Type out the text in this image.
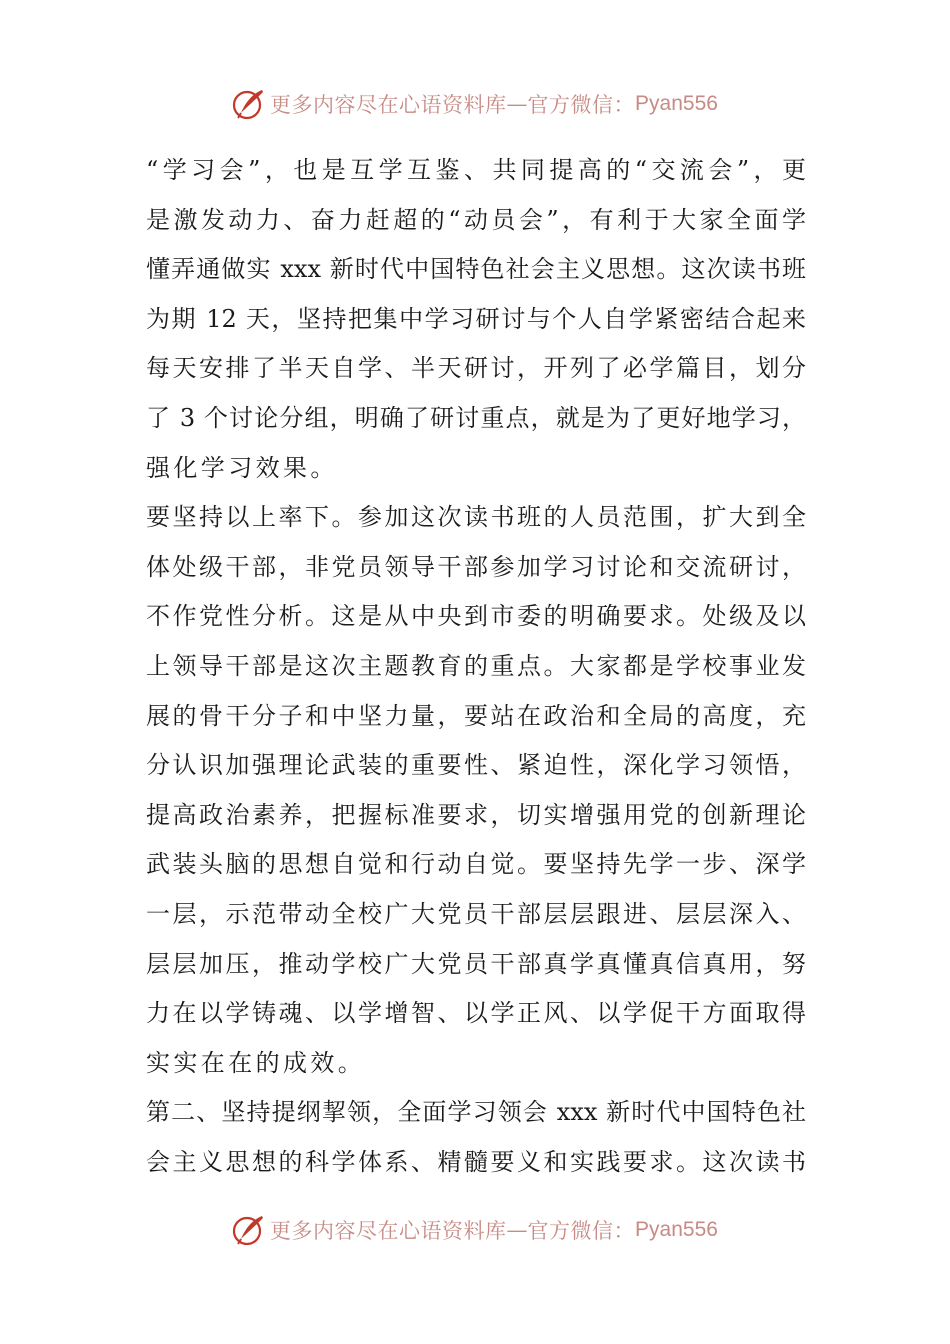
更多内容尽在心语资料库 — 官方微信： Pyan556
“学习会”，也是互学互鉴、共同提高的“交流会”，更
是激发动力、奋力赶超的“动员会”，有利于大家全面学
懂弄通做实 xxx 新时代中国特色社会主义思想。这次读书班
为期 12 天，坚持把集中学习研讨与个人自学紧密结合起来
每天安排了半天自学、半天研讨，开列了必学篇目，划分
了 3 个讨论分组，明确了研讨重点，就是为了更好地学习，
强化学习效果。
要坚持以上率下。参加这次读书班的人员范围，扩大到全
体处级干部，非党员领导干部参加学习讨论和交流研讨，
不作党性分析。这是从中央到市委的明确要求。处级及以
上领导干部是这次主题教育的重点。大家都是学校事业发
展的骨干分子和中坚力量，要站在政治和全局的高度，充
分认识加强理论武装的重要性、紧迫性，深化学习领悟，
提高政治素养，把握标准要求，切实增强用党的创新理论
武装头脑的思想自觉和行动自觉。要坚持先学一步、深学
一层，示范带动全校广大党员干部层层跟进、层层深入、
层层加压，推动学校广大党员干部真学真懂真信真用，努
力在以学铸魂、以学增智、以学正风、以学促干方面取得
实实在在的成效。
第二、坚持提纲挈领，全面学习领会 xxx 新时代中国特色社
会主义思想的科学体系、精髓要义和实践要求。这次读书
更多内容尽在心语资料库 — 官方微信： Pyan556
